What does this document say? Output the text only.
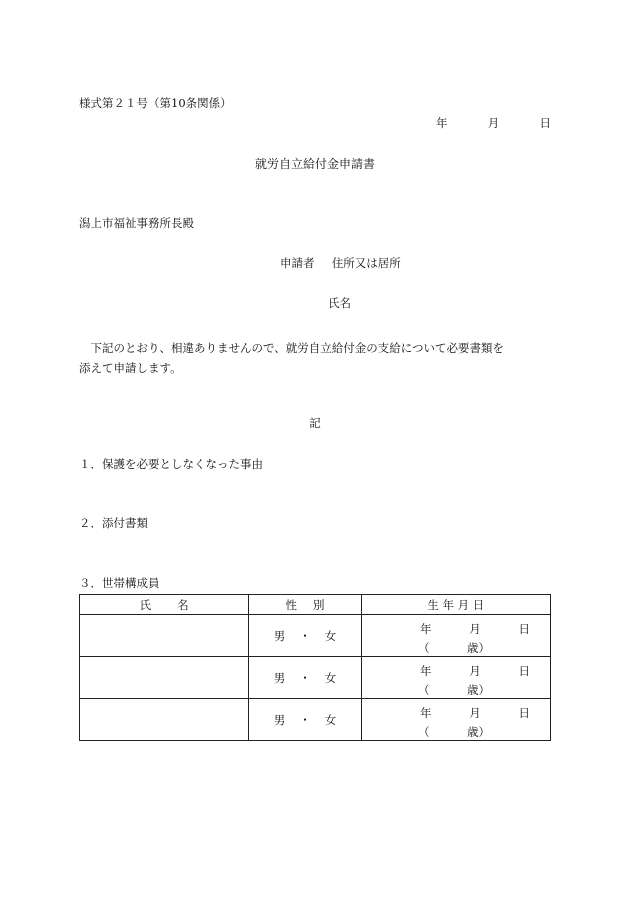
様式第２１号（第10条関係）
年	月	日
就労自立給付金申請書
潟上市福祉事務所長殿
申請者 住所又は居所
氏名
　下記のとおり、相違ありませんので、就労自立給付金の支給について必要書類を
添えて申請します。
記
１．保護を必要としなくなった事由
２．添付書類
３．世帯構成員
氏 名	性 別	生 年 月 日
	男 ・ 女	年 月 日
（ 歳）

	男 ・ 女	年 月 日
（ 歳）

	男 ・ 女	年 月 日
（ 歳）
